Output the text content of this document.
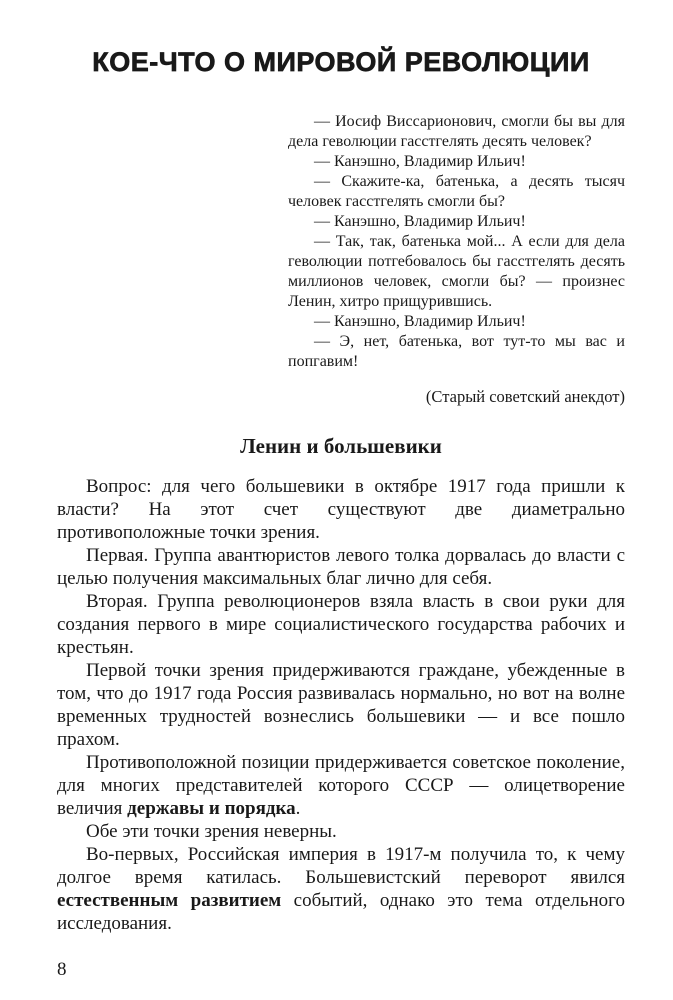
КОЕ-ЧТО О МИРОВОЙ РЕВОЛЮЦИИ

— Иосиф Виссарионович, смогли бы вы для дела геволюции гасстгелять десять человек?

— Канэшно, Владимир Ильич!

— Скажите-ка, батенька, а десять тысяч человек гасстгелять смогли бы?

— Канэшно, Владимир Ильич!

— Так, так, батенька мой... А если для дела геволюции потгебовалось бы гасстгелять десять миллионов человек, смогли бы? — произнес Ленин, хитро прищурившись.

— Канэшно, Владимир Ильич!

— Э, нет, батенька, вот тут-то мы вас и попгавим!

(Старый советский анекдот)
Ленин и большевики

Вопрос: для чего большевики в октябре 1917 года пришли к власти? На этот счет существуют две диаметрально противоположные точки зрения.

Первая. Группа авантюристов левого толка дорвалась до власти с целью получения максимальных благ лично для себя.

Вторая. Группа революционеров взяла власть в свои руки для создания первого в мире социалистического государства рабочих и крестьян.

Первой точки зрения придерживаются граждане, убежденные в том, что до 1917 года Россия развивалась нормально, но вот на волне временных трудностей вознеслись большевики — и все пошло прахом.

Противоположной позиции придерживается советское поколение, для многих представителей которого СССР — олицетворение величия державы и порядка.

Обе эти точки зрения неверны.

Во-первых, Российская империя в 1917-м получила то, к чему долгое время катилась. Большевистский переворот явился естественным развитием событий, однако это тема отдельного исследования.

8
